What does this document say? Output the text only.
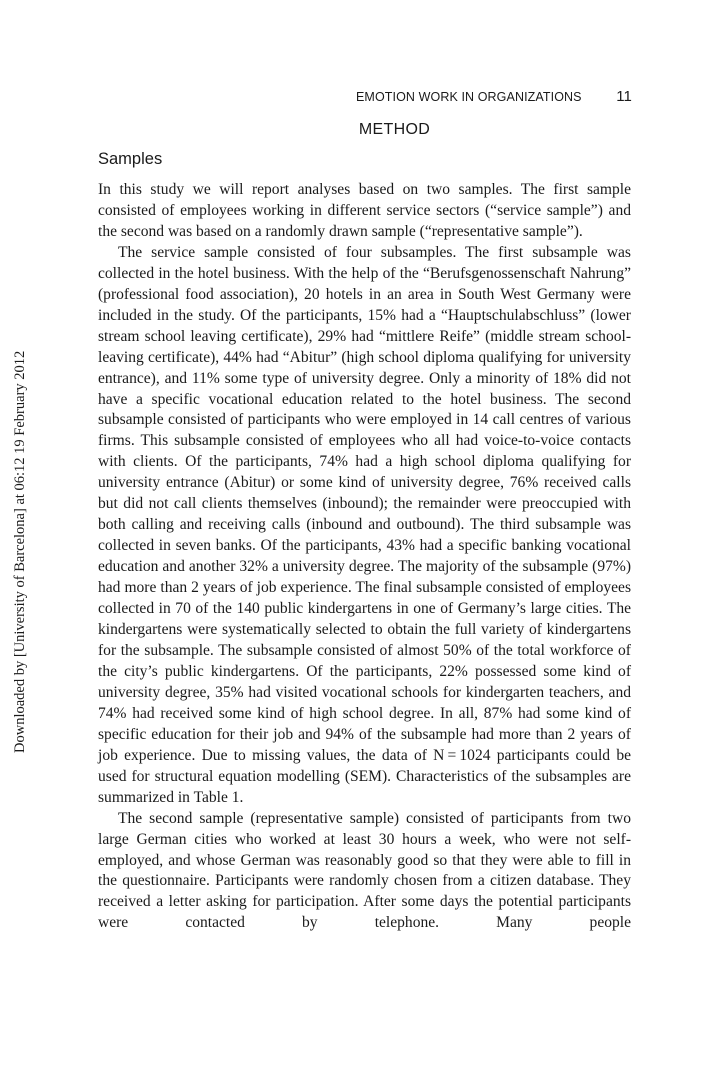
EMOTION WORK IN ORGANIZATIONS 11
Downloaded by [University of Barcelona] at 06:12 19 February 2012
METHOD
Samples

In this study we will report analyses based on two samples. The first sample consisted of employees working in different service sectors (“service sample”) and the second was based on a randomly drawn sample (“representative sample”).

The service sample consisted of four subsamples. The first subsample was collected in the hotel business. With the help of the “Berufsgenossenschaft Nahrung” (professional food association), 20 hotels in an area in South West Germany were included in the study. Of the participants, 15% had a “Hauptschulabschluss” (lower stream school leaving certificate), 29% had “mittlere Reife” (middle stream school-leaving certificate), 44% had “Abitur” (high school diploma qualifying for university entrance), and 11% some type of university degree. Only a minority of 18% did not have a specific vocational education related to the hotel business. The second subsample consisted of participants who were employed in 14 call centres of various firms. This subsample consisted of employees who all had voice-to-voice contacts with clients. Of the participants, 74% had a high school diploma qualifying for university entrance (Abitur) or some kind of university degree, 76% received calls but did not call clients themselves (inbound); the remainder were preoccupied with both calling and receiving calls (inbound and outbound). The third subsample was collected in seven banks. Of the participants, 43% had a specific banking vocational education and another 32% a university degree. The majority of the subsample (97%) had more than 2 years of job experience. The final subsample consisted of employees collected in 70 of the 140 public kindergartens in one of Germany’s large cities. The kindergartens were systematically selected to obtain the full variety of kindergartens for the subsample. The subsample consisted of almost 50% of the total workforce of the city’s public kindergartens. Of the participants, 22% possessed some kind of university degree, 35% had visited vocational schools for kindergarten teachers, and 74% had received some kind of high school degree. In all, 87% had some kind of specific education for their job and 94% of the subsample had more than 2 years of job experience. Due to missing values, the data of N = 1024 participants could be used for structural equation modelling (SEM). Characteristics of the subsamples are summarized in Table 1.

The second sample (representative sample) consisted of participants from two large German cities who worked at least 30 hours a week, who were not self-employed, and whose German was reasonably good so that they were able to fill in the questionnaire. Participants were randomly chosen from a citizen database. They received a letter asking for participation. After some days the potential participants were contacted by telephone. Many people
